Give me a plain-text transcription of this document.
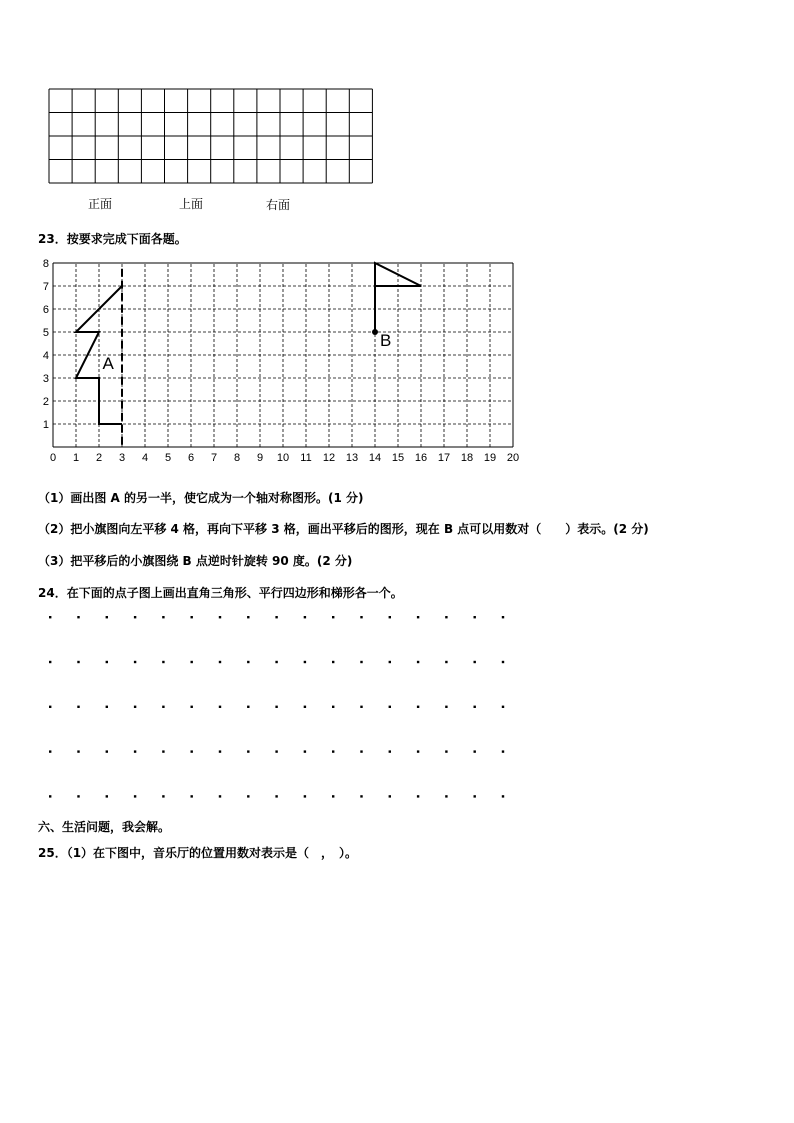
正面	上面	右面
23．按要求完成下面各题。
0 1 2 3 4 5 6 7 8 9 10 11 12 13 14 15 16 17 18 19 20
1
2
3
4
5
6
7
8
A
B
（1）画出图 A 的另一半，使它成为一个轴对称图形。(1 分)
（2）把小旗图向左平移 4 格，再向下平移 3 格，画出平移后的图形，现在 B 点可以用数对（　　）表示。(2 分)
（3）把平移后的小旗图绕 B 点逆时针旋转 90 度。(2 分)
24．在下面的点子图上画出直角三角形、平行四边形和梯形各一个。
六、生活问题，我会解。
25．（1）在下图中，音乐厅的位置用数对表示是（　，　）。
